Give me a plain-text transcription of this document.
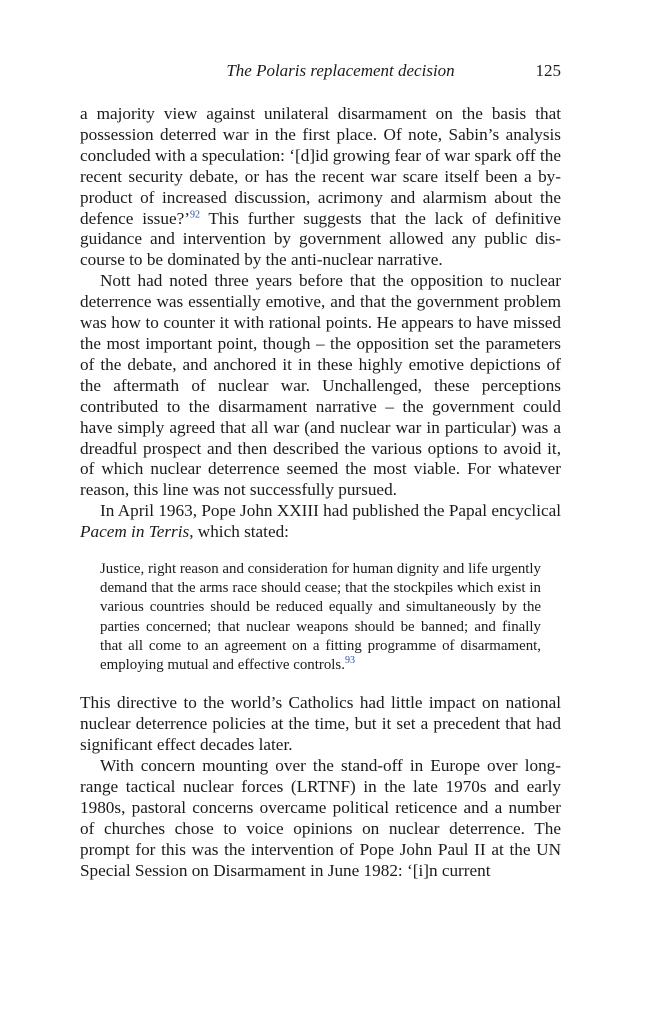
The Polaris replacement decision	125

a majority view against unilateral disarmament on the basis that possession deterred war in the first place. Of note, Sabin’s analysis concluded with a speculation: ‘[d]id growing fear of war spark off the recent security debate, or has the recent war scare itself been a by-product of increased discussion, acrimony and alarmism about the defence issue?’$^{92}$ This further suggests that the lack of definitive guidance and intervention by government allowed any public discourse to be dominated by the anti-nuclear narrative.

Nott had noted three years before that the opposition to nuclear deterrence was essentially emotive, and that the government problem was how to counter it with rational points. He appears to have missed the most important point, though – the opposition set the parameters of the debate, and anchored it in these highly emotive depictions of the aftermath of nuclear war. Unchallenged, these perceptions contributed to the disarmament narrative – the government could have simply agreed that all war (and nuclear war in particular) was a dreadful prospect and then described the various options to avoid it, of which nuclear deterrence seemed the most viable. For whatever reason, this line was not successfully pursued.

In April 1963, Pope John XXIII had published the Papal encyclical Pacem in Terris, which stated:

Justice, right reason and consideration for human dignity and life urgently demand that the arms race should cease; that the stockpiles which exist in various countries should be reduced equally and simultaneously by the parties concerned; that nuclear weapons should be banned; and finally that all come to an agreement on a fitting programme of disarmament, employing mutual and effective controls.$^{93}$

This directive to the world’s Catholics had little impact on national nuclear deterrence policies at the time, but it set a precedent that had significant effect decades later.

With concern mounting over the stand-off in Europe over long-range tactical nuclear forces (LRTNF) in the late 1970s and early 1980s, pastoral concerns overcame political reticence and a number of churches chose to voice opinions on nuclear deterrence. The prompt for this was the intervention of Pope John Paul II at the UN Special Session on Disarmament in June 1982: ‘[i]n current
